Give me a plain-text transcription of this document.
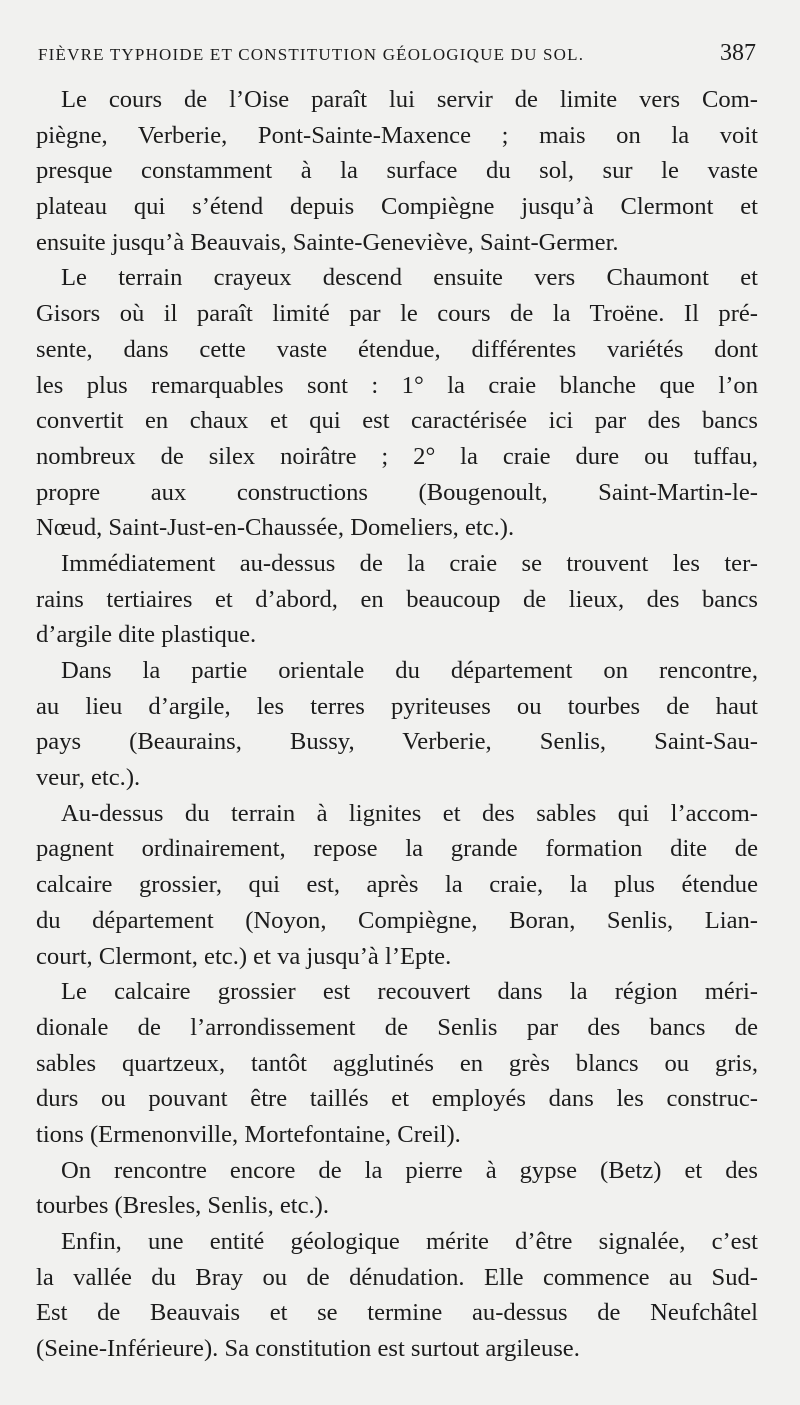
FIÈVRE TYPHOIDE ET CONSTITUTION GÉOLOGIQUE DU SOL.	387
Le cours de l’Oise paraît lui servir de limite vers Com-
piègne, Verberie, Pont-Sainte-Maxence ; mais on la voit
presque constamment à la surface du sol, sur le vaste
plateau qui s’étend depuis Compiègne jusqu’à Clermont et
ensuite jusqu’à Beauvais, Sainte-Geneviève, Saint-Germer.
Le terrain crayeux descend ensuite vers Chaumont et
Gisors où il paraît limité par le cours de la Troëne. Il pré-
sente, dans cette vaste étendue, différentes variétés dont
les plus remarquables sont : 1° la craie blanche que l’on
convertit en chaux et qui est caractérisée ici par des bancs
nombreux de silex noirâtre ; 2° la craie dure ou tuffau,
propre aux constructions (Bougenoult, Saint-Martin-le-
Nœud, Saint-Just-en-Chaussée, Domeliers, etc.).
Immédiatement au-dessus de la craie se trouvent les ter-
rains tertiaires et d’abord, en beaucoup de lieux, des bancs
d’argile dite plastique.
Dans la partie orientale du département on rencontre,
au lieu d’argile, les terres pyriteuses ou tourbes de haut
pays (Beaurains, Bussy, Verberie, Senlis, Saint-Sau-
veur, etc.).
Au-dessus du terrain à lignites et des sables qui l’accom-
pagnent ordinairement, repose la grande formation dite de
calcaire grossier, qui est, après la craie, la plus étendue
du département (Noyon, Compiègne, Boran, Senlis, Lian-
court, Clermont, etc.) et va jusqu’à l’Epte.
Le calcaire grossier est recouvert dans la région méri-
dionale de l’arrondissement de Senlis par des bancs de
sables quartzeux, tantôt agglutinés en grès blancs ou gris,
durs ou pouvant être taillés et employés dans les construc-
tions (Ermenonville, Mortefontaine, Creil).
On rencontre encore de la pierre à gypse (Betz) et des
tourbes (Bresles, Senlis, etc.).
Enfin, une entité géologique mérite d’être signalée, c’est
la vallée du Bray ou de dénudation. Elle commence au Sud-
Est de Beauvais et se termine au-dessus de Neufchâtel
(Seine-Inférieure). Sa constitution est surtout argileuse.
